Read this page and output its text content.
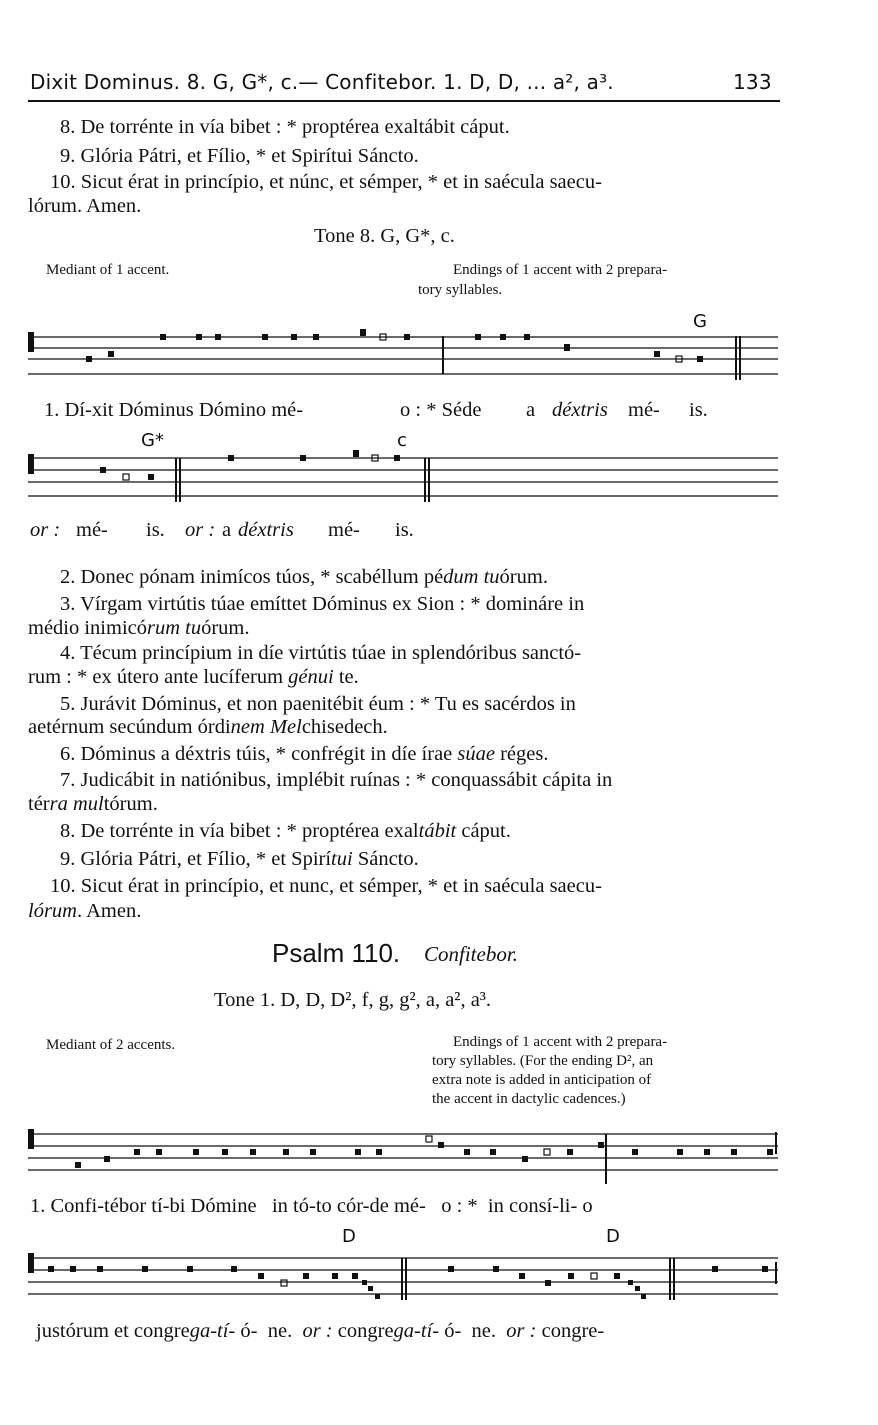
Dixit Dominus. 8. G, G*, c.— Confitebor. 1. D, D, ... a², a³.	133
8. De torrénte in vía bibet : * proptérea exaltábit cáput.
9. Glória Pátri, et Fílio, * et Spirítui Sáncto.
10. Sicut érat in princípio, et núnc, et sémper, * et in saécula saecu-
lórum. Amen.
Tone 8. G, G*, c.
Mediant of 1 accent.	Endings of 1 accent with 2 prepara-
tory syllables.
G
1. Dí-xit Dóminus Dómino mé-	o : * Séde a déxtris mé- is.
G*	c
or : mé- is. or : a déxtris mé- is.
2. Donec pónam inimícos túos, * scabéllum pédum tuórum.
3. Vírgam virtútis túae emíttet Dóminus ex Sion : * domináre in
médio inimicórum tuórum.
4. Técum princípium in díe virtútis túae in splendóribus sanctó-
rum : * ex útero ante lucíferum génui te.
5. Jurávit Dóminus, et non paenitébit éum : * Tu es sacérdos in
aetérnum secúndum órdinem Melchisedech.
6. Dóminus a déxtris túis, * confrégit in díe írae súae réges.
7. Judicábit in natiónibus, implébit ruínas : * conquassábit cápita in
térra multórum.
8. De torrénte in vía bibet : * proptérea exaltábit cáput.
9. Glória Pátri, et Fílio, * et Spirítui Sáncto.
10. Sicut érat in princípio, et nunc, et sémper, * et in saécula saecu-
lórum. Amen.
Psalm 110. Confitebor.
Tone 1. D, D, D², f, g, g², a, a², a³.
Mediant of 2 accents.	Endings of 1 accent with 2 prepara-
tory syllables. (For the ending D², an
extra note is added in anticipation of
the accent in dactylic cadences.)
1. Confi-tébor tí-bi Dómine   in tó-to cór-de mé-   o : *  in consí-li- o
D	D
justórum et congrega-tí- ó-  ne. or : congrega-tí- ó-  ne. or : congre-
